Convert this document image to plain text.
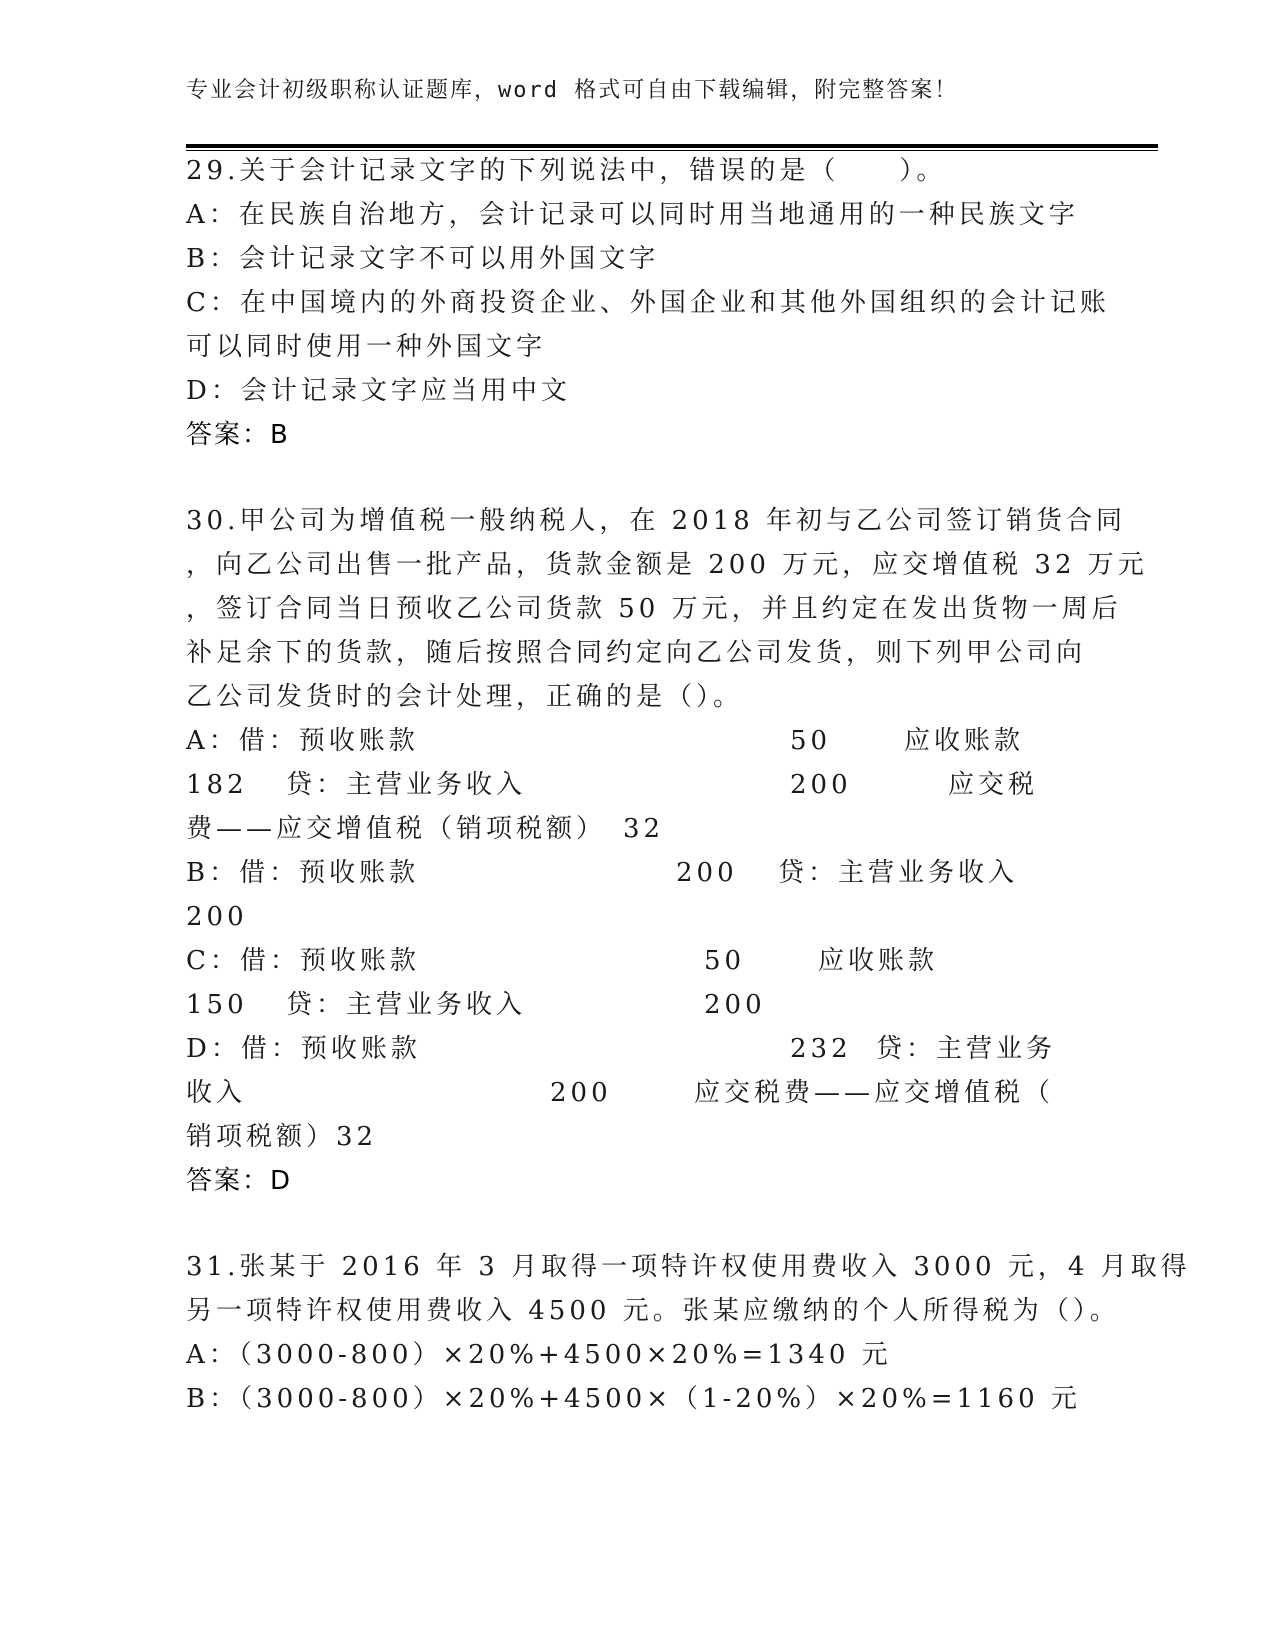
专业会计初级职称认证题库，word 格式可自由下载编辑，附完整答案！
29.关于会计记录文字的下列说法中，错误的是（　　）。
A：在民族自治地方，会计记录可以同时用当地通用的一种民族文字
B：会计记录文字不可以用外国文字
C：在中国境内的外商投资企业、外国企业和其他外国组织的会计记账
可以同时使用一种外国文字
D：会计记录文字应当用中文
答案：B
30.甲公司为增值税一般纳税人，在 2018 年初与乙公司签订销货合同
，向乙公司出售一批产品，货款金额是 200 万元，应交增值税 32 万元
，签订合同当日预收乙公司货款 50 万元，并且约定在发出货物一周后
补足余下的货款，随后按照合同约定向乙公司发货，则下列甲公司向
乙公司发货时的会计处理，正确的是（）。
A：借：预收账款	50	应收账款
182 贷：主营业务收入	200	应交税
费——应交增值税（销项税额）　32
B：借：预收账款	200 贷：主营业务收入
200
C：借：预收账款	50	应收账款
150 贷：主营业务收入	200
D：借：预收账款	232 贷：主营业务
收入	200	应交税费——应交增值税（
销项税额）32
答案：D
31.张某于 2016 年 3 月取得一项特许权使用费收入 3000 元，4 月取得
另一项特许权使用费收入 4500 元。张某应缴纳的个人所得税为（）。
A：（3000-800）×20%+4500×20%=1340 元
B：（3000-800）×20%+4500×（1-20%）×20%=1160 元
